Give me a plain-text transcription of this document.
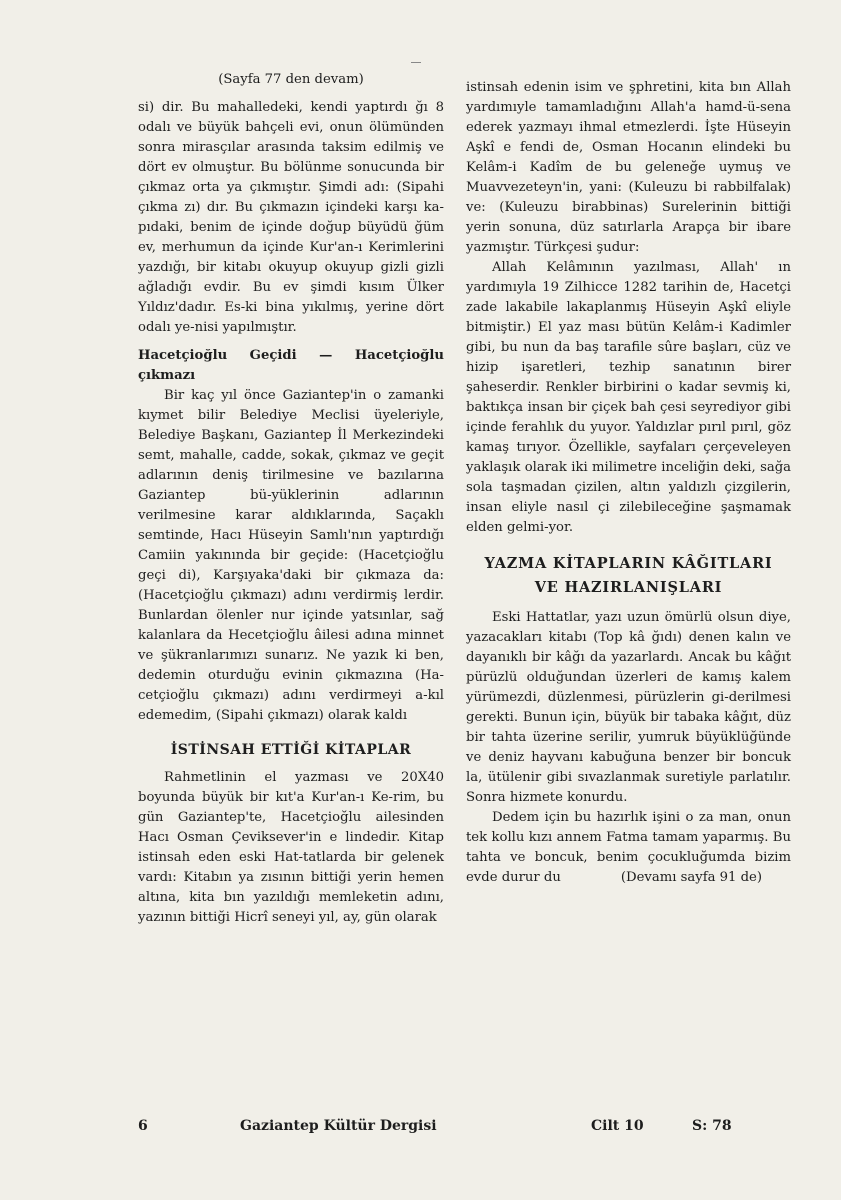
(Sayfa 77 den devam)

si) dir. Bu mahalledeki, kendi yaptırdı ğı 8 odalı ve büyük bahçeli evi, onun ölümünden sonra mirasçılar arasında taksim edilmiş ve dört ev olmuştur. Bu bölünme sonucunda bir çıkmaz orta ya çıkmıştır. Şimdi adı: (Sipahi çıkma zı) dır. Bu çıkmazın içindeki karşı ka-pıdaki, benim de içinde doğup büyüdü ğüm ev, merhumun da içinde Kur'an-ı Kerimlerini yazdığı, bir kitabı okuyup okuyup gizli gizli ağladığı evdir. Bu ev şimdi kısım Ülker Yıldız'dadır. Es-ki bina yıkılmış, yerine dört odalı ye-nisi yapılmıştır.

Hacetçioğlu Geçidi — Hacetçioğlu çıkmazı

Bir kaç yıl önce Gaziantep'in o zamanki kıymet bilir Belediye Meclisi üyeleriyle, Belediye Başkanı, Gaziantep İl Merkezindeki semt, mahalle, cadde, sokak, çıkmaz ve geçit adlarının deniş tirilmesine ve bazılarına Gaziantep bü-yüklerinin adlarının verilmesine karar aldıklarında, Saçaklı semtinde, Hacı Hüseyin Samlı'nın yaptırdığı Camiin yakınında bir geçide: (Hacetçioğlu geçi di), Karşıyaka'daki bir çıkmaza da: (Hacetçioğlu çıkmazı) adını verdirmiş lerdir. Bunlardan ölenler nur içinde yatsınlar, sağ kalanlara da Hecetçioğlu âilesi adına minnet ve şükranlarımızı sunarız. Ne yazık ki ben, dedemin oturduğu evinin çıkmazına (Ha-cetçioğlu çıkmazı) adını verdirmeyi a-kıl edemedim, (Sipahi çıkmazı) olarak kaldı

İSTİNSAH ETTİĞİ KİTAPLAR

Rahmetlinin el yazması ve 20X40 boyunda büyük bir kıt'a Kur'an-ı Ke-rim, bu gün Gaziantep'te, Hacetçioğlu ailesinden Hacı Osman Çeviksever'in e lindedir. Kitap istinsah eden eski Hat-tatlarda bir gelenek vardı: Kitabın ya zısının bittiği yerin hemen altına, kita bın yazıldığı memleketin adını, yazının bittiği Hicrî seneyi yıl, ay, gün olarak

istinsah edenin isim ve şphretini, kita bın Allah yardımıyle tamamladığını Allah'a hamd-ü-sena ederek yazmayı ihmal etmezlerdi. İşte Hüseyin Aşkî e fendi de, Osman Hocanın elindeki bu Kelâm-i Kadîm de bu geleneğe uymuş ve Muavvezeteyn'in, yani: (Kuleuzu bi rabbilfalak) ve: (Kuleuzu birabbinas) Surelerinin bittiği yerin sonuna, düz satırlarla Arapça bir ibare yazmıştır. Türkçesi şudur:

Allah Kelâmının yazılması, Allah' ın yardımıyla 19 Zilhicce 1282 tarihin de, Hacetçi zade lakabile lakaplanmış Hüseyin Aşkî eliyle bitmiştir.) El yaz ması bütün Kelâm-i Kadimler gibi, bu nun da baş tarafile sûre başları, cüz ve hizip işaretleri, tezhip sanatının birer şaheserdir. Renkler birbirini o kadar sevmiş ki, baktıkça insan bir çiçek bah çesi seyrediyor gibi içinde ferahlık du yuyor. Yaldızlar pırıl pırıl, göz kamaş tırıyor. Özellikle, sayfaları çerçeveleyen yaklaşık olarak iki milimetre inceliğin deki, sağa sola taşmadan çizilen, altın yaldızlı çizgilerin, insan eliyle nasıl çi zilebileceğine şaşmamak elden gelmi-yor.

YAZMA KİTAPLARIN KÂĞITLARI

VE HAZIRLANIŞLARI

Eski Hattatlar, yazı uzun ömürlü olsun diye, yazacakları kitabı (Top kâ ğıdı) denen kalın ve dayanıklı bir kâğı da yazarlardı. Ancak bu kâğıt pürüzlü olduğundan üzerleri de kamış kalem yürümezdi, düzlenmesi, pürüzlerin gi-derilmesi gerekti. Bunun için, büyük bir tabaka kâğıt, düz bir tahta üzerine serilir, yumruk büyüklüğünde ve deniz hayvanı kabuğuna benzer bir boncuk la, ütülenir gibi sıvazlanmak suretiyle parlatılır. Sonra hizmete konurdu.

Dedem için bu hazırlık işini o za man, onun tek kollu kızı annem Fatma tamam yaparmış. Bu tahta ve boncuk, benim çocukluğumda bizim evde durur du	(Devamı sayfa 91 de)

6	Gaziantep Kültür Dergisi	Cilt 10	S: 78
